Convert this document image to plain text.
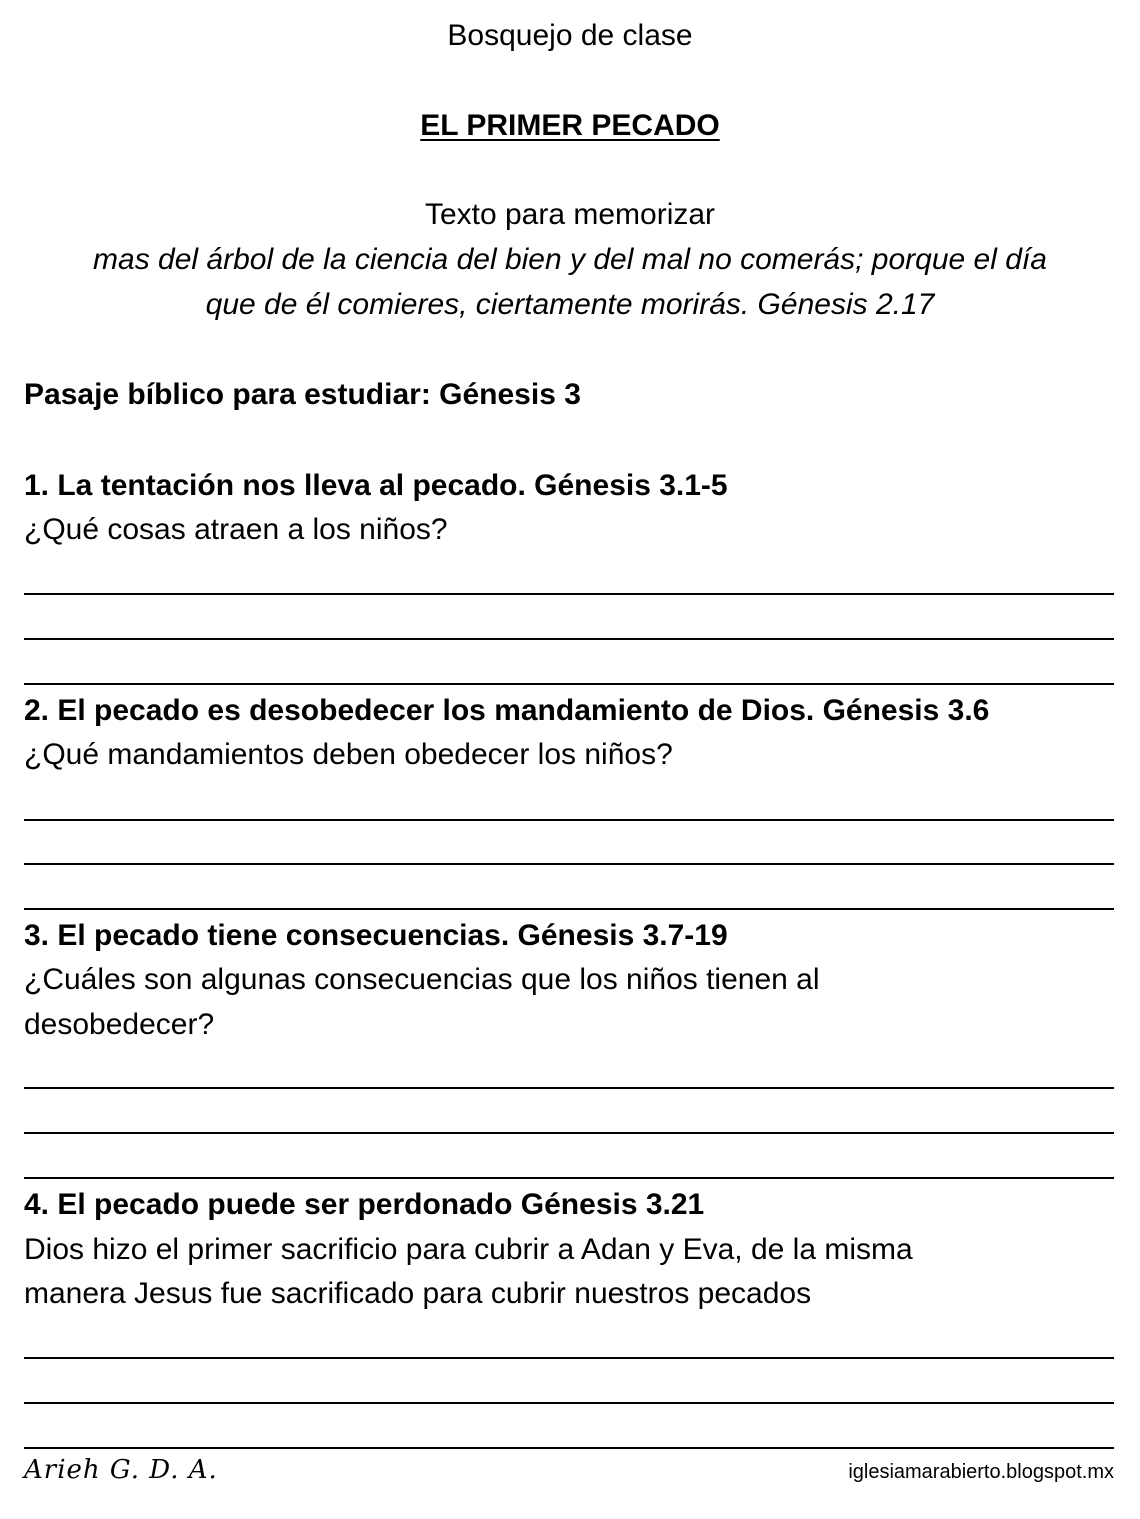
Bosquejo de clase

EL PRIMER PECADO

Texto para memorizar

mas del árbol de la ciencia del bien y del mal no comerás; porque el día

que de él comieres, ciertamente morirás. Génesis 2.17

Pasaje bíblico para estudiar: Génesis 3

1. La tentación nos lleva al pecado. Génesis 3.1-5

¿Qué cosas atraen a los niños?

2. El pecado es desobedecer los mandamiento de Dios. Génesis 3.6

¿Qué mandamientos deben obedecer los niños?

3. El pecado tiene consecuencias. Génesis 3.7-19

¿Cuáles son algunas consecuencias que los niños tienen al

desobedecer?

4. El pecado puede ser perdonado Génesis 3.21

Dios hizo el primer sacrificio para cubrir a Adan y Eva, de la misma

manera Jesus fue sacrificado para cubrir nuestros pecados

Arieh G. D. A.	iglesiamarabierto.blogspot.mx
